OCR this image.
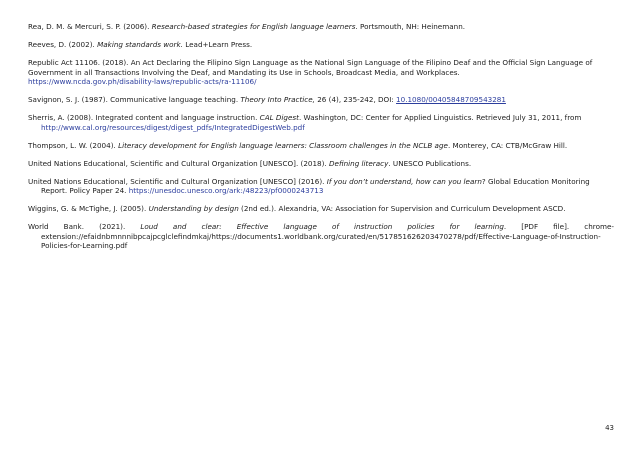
Rea, D. M. & Mercuri, S. P. (2006). Research-based strategies for English language learners. Portsmouth, NH: Heinemann.

Reeves, D. (2002). Making standards work. Lead+Learn Press.

Republic Act 11106. (2018). An Act Declaring the Filipino Sign Language as the National Sign Language of the Filipino Deaf and the Official Sign Language of Government in all Transactions Involving the Deaf, and Mandating its Use in Schools, Broadcast Media, and Workplaces.
https://www.ncda.gov.ph/disability-laws/republic-acts/ra-11106/

Savignon, S. J. (1987). Communicative language teaching. Theory Into Practice, 26 (4), 235-242, DOI: 10.1080/00405848709543281

Sherris, A. (2008). Integrated content and language instruction. CAL Digest. Washington, DC: Center for Applied Linguistics. Retrieved July 31, 2011, from http://www.cal.org/resources/digest/digest_pdfs/IntegratedDigestWeb.pdf

Thompson, L. W. (2004). Literacy development for English language learners: Classroom challenges in the NCLB age. Monterey, CA: CTB/McGraw Hill.

United Nations Educational, Scientific and Cultural Organization [UNESCO]. (2018). Defining literacy. UNESCO Publications.

United Nations Educational, Scientific and Cultural Organization [UNESCO] (2016). If you don’t understand, how can you learn? Global Education Monitoring Report. Policy Paper 24. https://unesdoc.unesco.org/ark:/48223/pf0000243713

Wiggins, G. & McTighe, J. (2005). Understanding by design (2nd ed.). Alexandria, VA: Association for Supervision and Curriculum Development ASCD.

World Bank. (2021). Loud and clear: Effective language of instruction policies for learning. [PDF file]. chrome-extension://efaidnbmnnnibpcajpcglclefindmkaj/https://documents1.worldbank.org/curated/en/517851626203470278/pdf/Effective-Language-of-Instruction-Policies-for-Learning.pdf

43
